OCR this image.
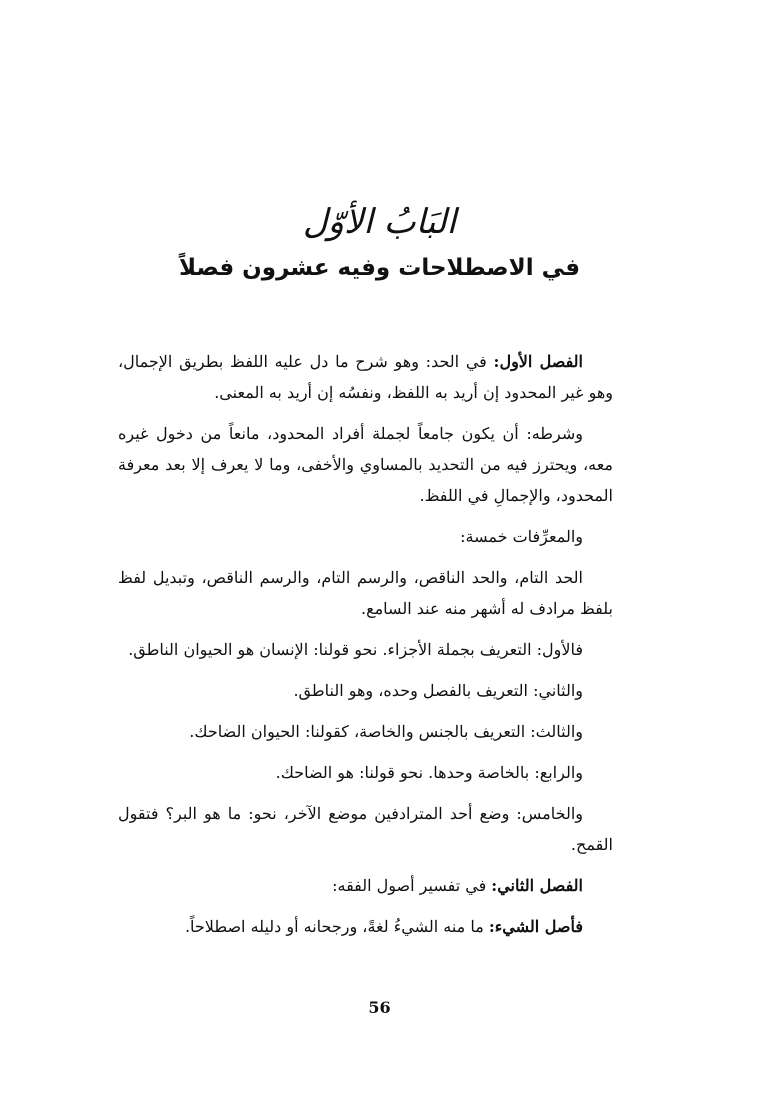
البَابُ الأوّل
في الاصطلاحات وفيه عشرون فصلاً

الفصل الأول: في الحد: وهو شرح ما دل عليه اللفظ بطريق الإجمال، وهو غير المحدود إن أريد به اللفظ، ونفسُه إن أريد به المعنى.

وشرطه: أن يكون جامعاً لجملة أفراد المحدود، مانعاً من دخول غيره معه، ويحترز فيه من التحديد بالمساوي والأخفى، وما لا يعرف إلا بعد معرفة المحدود، والإجمالِ في اللفظ.

والمعرِّفات خمسة:

الحد التام، والحد الناقص، والرسم التام، والرسم الناقص، وتبديل لفظ بلفظ مرادف له أشهر منه عند السامع.

فالأول: التعريف بجملة الأجزاء. نحو قولنا: الإنسان هو الحيوان الناطق.

والثاني: التعريف بالفصل وحده، وهو الناطق.

والثالث: التعريف بالجنس والخاصة، كقولنا: الحيوان الضاحك.

والرابع: بالخاصة وحدها. نحو قولنا: هو الضاحك.

والخامس: وضع أحد المترادفين موضع الآخر، نحو: ما هو البر؟ فتقول القمح.

الفصل الثاني: في تفسير أصول الفقه:

فأصل الشيء: ما منه الشيءُ لغةً، ورجحانه أو دليله اصطلاحاً.

56
